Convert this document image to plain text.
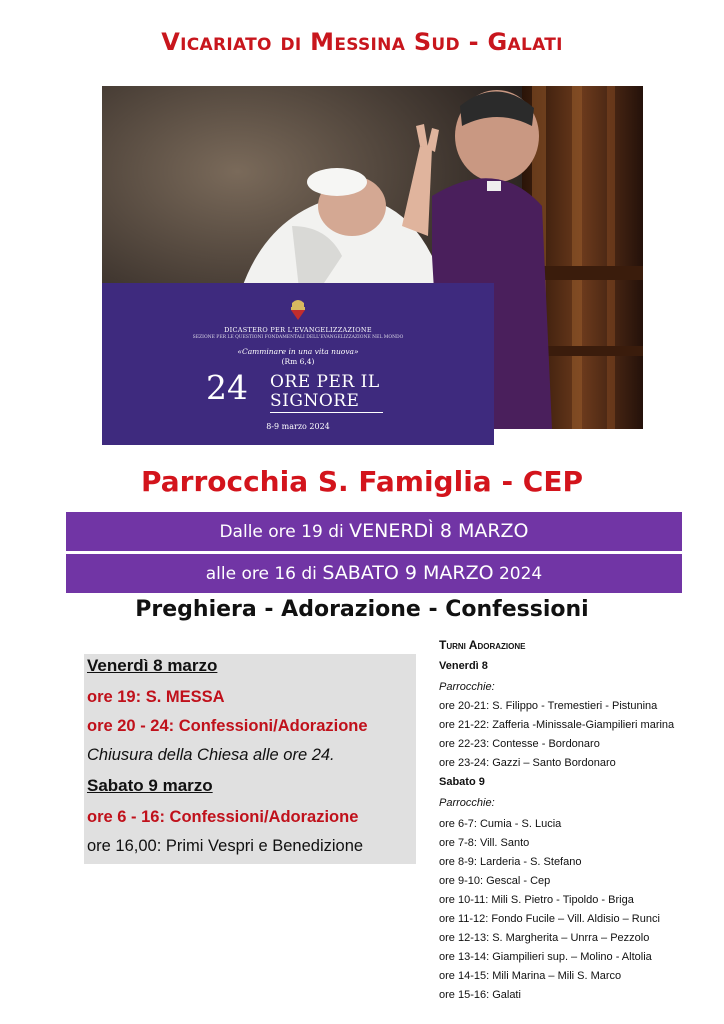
Vicariato di Messina Sud - Galati
DICASTERO PER L'EVANGELIZZAZIONE
SEZIONE PER LE QUESTIONI FONDAMENTALI DELL'EVANGELIZZAZIONE NEL MONDO
«Camminare in una vita nuova»
(Rm 6,4)
24 ORE PER IL
SIGNORE
8-9 marzo 2024
Parrocchia S. Famiglia - CEP
Dalle ore 19 di VENERDÌ 8 MARZO
alle ore 16 di SABATO 9 MARZO 2024
Preghiera - Adorazione - Confessioni
Venerdì 8 marzo
ore 19: S. MESSA
ore 20 - 24: Confessioni/Adorazione
Chiusura della Chiesa alle ore 24.
Sabato 9 marzo
ore 6 - 16: Confessioni/Adorazione
ore 16,00: Primi Vespri e Benedizione
Turni Adorazione
Venerdì 8
Parrocchie:
ore 20-21: S. Filippo - Tremestieri - Pistunina
ore 21-22: Zafferia -Minissale-Giampilieri marina
ore 22-23: Contesse - Bordonaro
ore 23-24: Gazzi – Santo Bordonaro
Sabato 9
Parrocchie:
ore 6-7: Cumia - S. Lucia
ore 7-8: Vill. Santo
ore 8-9: Larderia - S. Stefano
ore 9-10: Gescal - Cep
ore 10-11: Mili S. Pietro - Tipoldo - Briga
ore 11-12: Fondo Fucile – Vill. Aldisio – Runci
ore 12-13: S. Margherita – Unrra – Pezzolo
ore 13-14: Giampilieri sup. – Molino - Altolia
ore 14-15: Mili Marina – Mili S. Marco
ore 15-16: Galati
